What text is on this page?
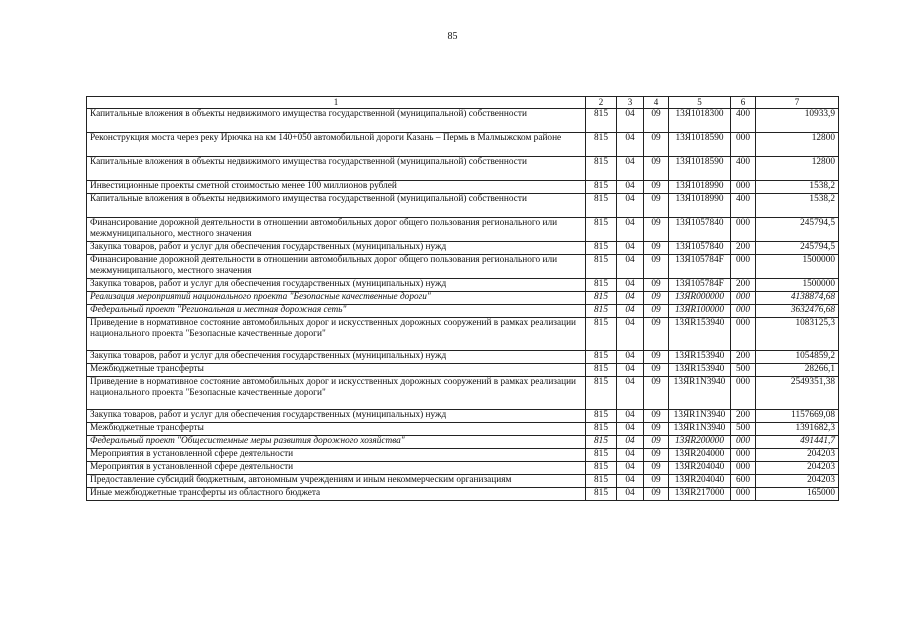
85
1	2	3	4	5	6	7
Капитальные вложения в объекты недвижимого имущества государственной (муниципальной) собственности	815	04	09	13Я1018300	400	10933,9
Реконструкция моста через реку Ирючка на км 140+050 автомобильной дороги Казань – Пермь в Малмыжском районе	815	04	09	13Я1018590	000	12800
Капитальные вложения в объекты недвижимого имущества государственной (муниципальной) собственности	815	04	09	13Я1018590	400	12800
Инвестиционные проекты сметной стоимостью менее 100 миллионов рублей	815	04	09	13Я1018990	000	1538,2
Капитальные вложения в объекты недвижимого имущества государственной (муниципальной) собственности	815	04	09	13Я1018990	400	1538,2
Финансирование дорожной деятельности в отношении автомобильных дорог общего пользования регионального или межмуниципального, местного значения	815	04	09	13Я1057840	000	245794,5
Закупка товаров, работ и услуг для обеспечения государственных (муниципальных) нужд	815	04	09	13Я1057840	200	245794,5
Финансирование дорожной деятельности в отношении автомобильных дорог общего пользования регионального или межмуниципального, местного значения	815	04	09	13Я105784F	000	1500000
Закупка товаров, работ и услуг для обеспечения государственных (муниципальных) нужд	815	04	09	13Я105784F	200	1500000
Реализация мероприятий национального проекта "Безопасные качественные дороги"	815	04	09	13ЯR000000	000	4138874,68
Федеральный проект "Региональная и местная дорожная сеть"	815	04	09	13ЯR100000	000	3632476,68
Приведение в нормативное состояние автомобильных дорог и искусственных дорожных сооружений в рамках реализации национального проекта "Безопасные качественные дороги"	815	04	09	13ЯR153940	000	1083125,3
Закупка товаров, работ и услуг для обеспечения государственных (муниципальных) нужд	815	04	09	13ЯR153940	200	1054859,2
Межбюджетные трансферты	815	04	09	13ЯR153940	500	28266,1
Приведение в нормативное состояние автомобильных дорог и искусственных дорожных сооружений в рамках реализации национального проекта "Безопасные качественные дороги"	815	04	09	13ЯR1N3940	000	2549351,38
Закупка товаров, работ и услуг для обеспечения государственных (муниципальных) нужд	815	04	09	13ЯR1N3940	200	1157669,08
Межбюджетные трансферты	815	04	09	13ЯR1N3940	500	1391682,3
Федеральный проект "Общесистемные меры развития дорожного хозяйства"	815	04	09	13ЯR200000	000	491441,7
Мероприятия в установленной сфере деятельности	815	04	09	13ЯR204000	000	204203
Мероприятия в установленной сфере деятельности	815	04	09	13ЯR204040	000	204203
Предоставление субсидий бюджетным, автономным учреждениям и иным некоммерческим организациям	815	04	09	13ЯR204040	600	204203
Иные межбюджетные трансферты из областного бюджета	815	04	09	13ЯR217000	000	165000
